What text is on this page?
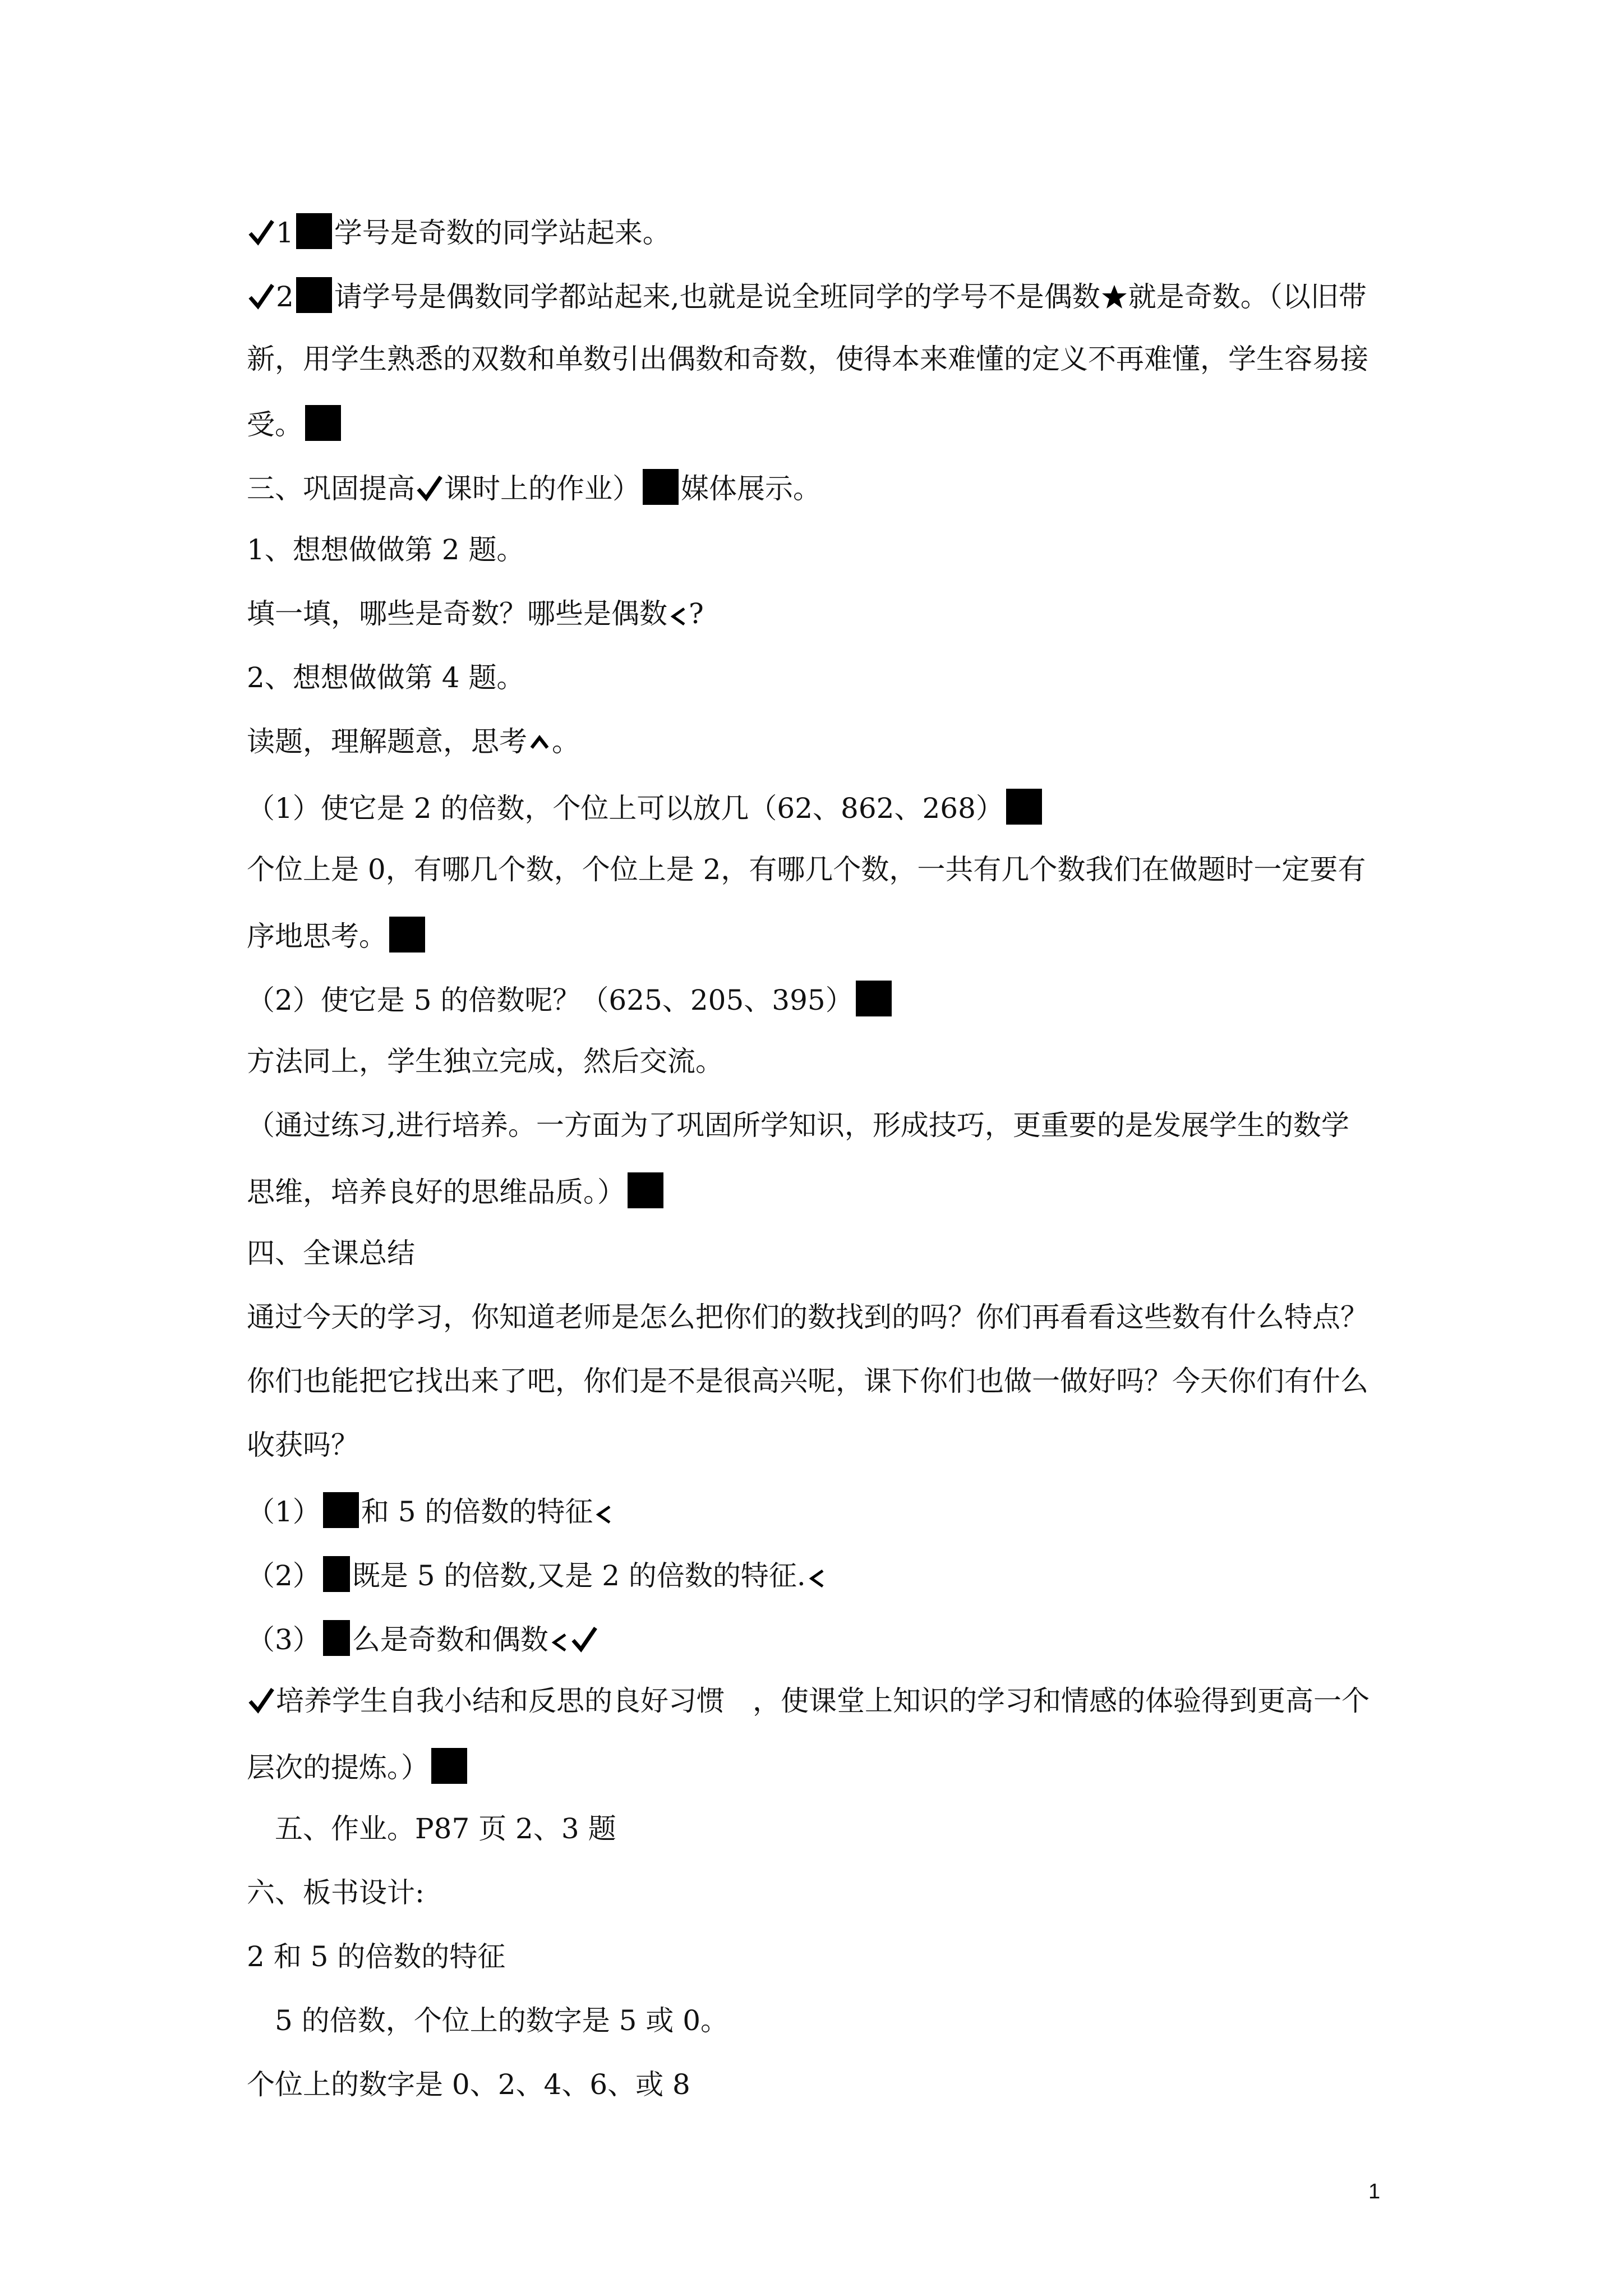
1 学号是奇数的同学站起来。
2 请学号是偶数同学都站起来,也就是说全班同学的学号不是偶数 就是奇数。（以旧带
新，用学生熟悉的双数和单数引出偶数和奇数，使得本来难懂的定义不再难懂，学生容易接
受。
三、巩固提高 课时上的作业） 媒体展示。
1、想想做做第 2 题。
填一填，哪些是奇数？哪些是偶数 ?
2、想想做做第 4 题。
读题，理解题意，思考 。
（1）使它是 2 的倍数，个位上可以放几（62、862、268）
个位上是 0，有哪几个数，个位上是 2，有哪几个数，一共有几个数我们在做题时一定要有
序地思考。
（2）使它是 5 的倍数呢？（625、205、395）
方法同上，学生独立完成，然后交流。
（通过练习,进行培养。一方面为了巩固所学知识，形成技巧，更重要的是发展学生的数学
思维，培养良好的思维品质。）
四、全课总结
通过今天的学习，你知道老师是怎么把你们的数找到的吗？你们再看看这些数有什么特点？
你们也能把它找出来了吧，你们是不是很高兴呢，课下你们也做一做好吗？今天你们有什么
收获吗？
（1） 和 5 的倍数的特征
（2） 既是 5 的倍数,又是 2 的倍数的特征.
（3） 么是奇数和偶数
培养学生自我小结和反思的良好习惯　，使课堂上知识的学习和情感的体验得到更高一个
层次的提炼。）
五、作业。P87 页 2、3 题
六、板书设计:
2 和 5 的倍数的特征
5 的倍数，个位上的数字是 5 或 0。
个位上的数字是 0、2、4、6、或 8
1
